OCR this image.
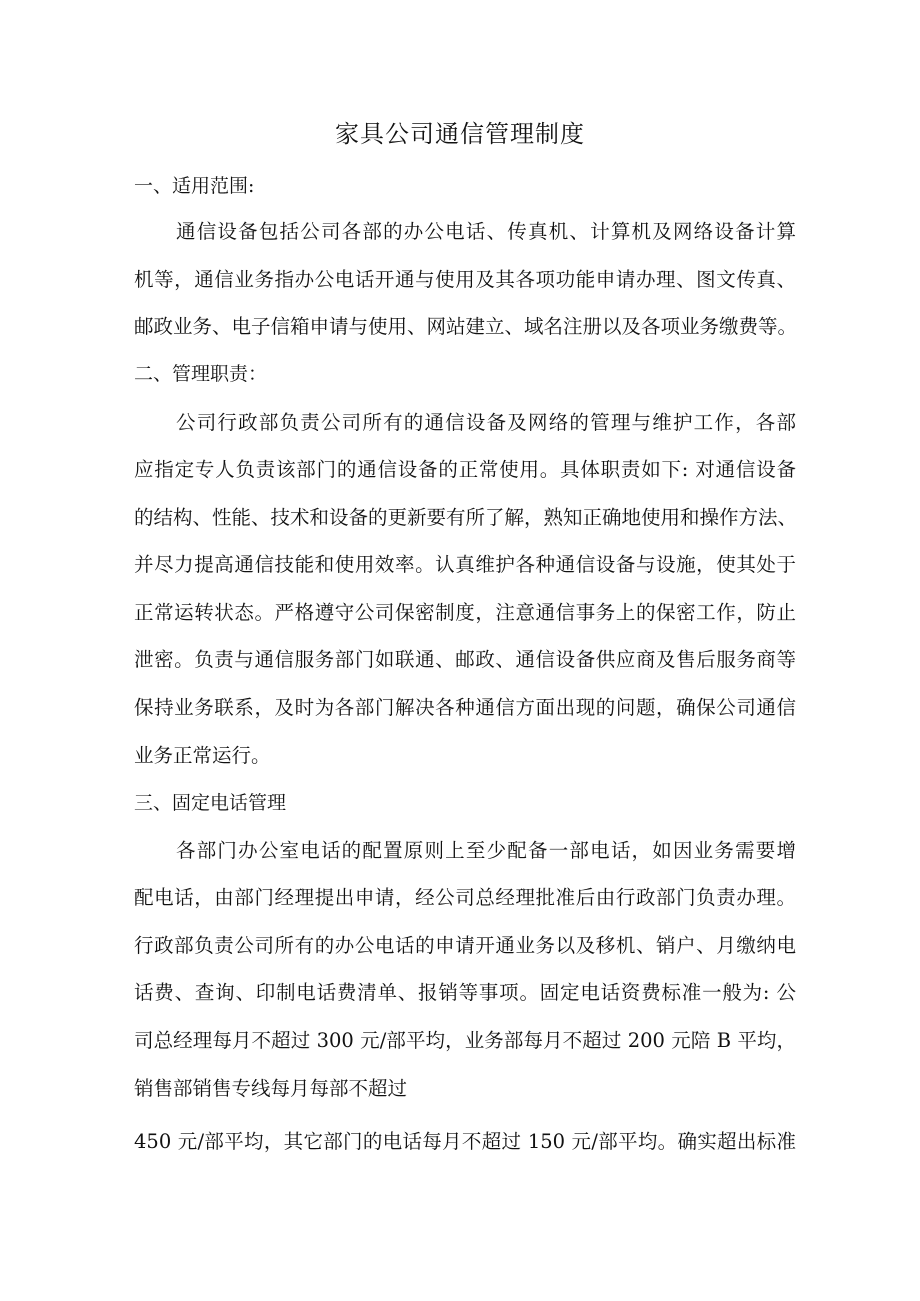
家具公司通信管理制度
一、适用范围:

通信设备包括公司各部的办公电话、传真机、计算机及网络设备计算

机等，通信业务指办公电话开通与使用及其各项功能申请办理、图文传真、

邮政业务、电子信箱申请与使用、网站建立、域名注册以及各项业务缴费等。

二、管理职责：

公司行政部负责公司所有的通信设备及网络的管理与维护工作，各部

应指定专人负责该部门的通信设备的正常使用。具体职责如下: 对通信设备

的结构、性能、技术和设备的更新要有所了解，熟知正确地使用和操作方法、

并尽力提高通信技能和使用效率。认真维护各种通信设备与设施，使其处于

正常运转状态。严格遵守公司保密制度，注意通信事务上的保密工作，防止

泄密。负责与通信服务部门如联通、邮政、通信设备供应商及售后服务商等

保持业务联系，及时为各部门解决各种通信方面出现的问题，确保公司通信

业务正常运行。

三、固定电话管理

各部门办公室电话的配置原则上至少配备一部电话，如因业务需要增

配电话，由部门经理提出申请，经公司总经理批准后由行政部门负责办理。

行政部负责公司所有的办公电话的申请开通业务以及移机、销户、月缴纳电

话费、查询、印制电话费清单、报销等事项。固定电话资费标准一般为: 公

司总经理每月不超过 300 元/部平均，业务部每月不超过 200 元陪 B 平均，

销售部销售专线每月每部不超过

450 元/部平均，其它部门的电话每月不超过 150 元/部平均。确实超出标准
